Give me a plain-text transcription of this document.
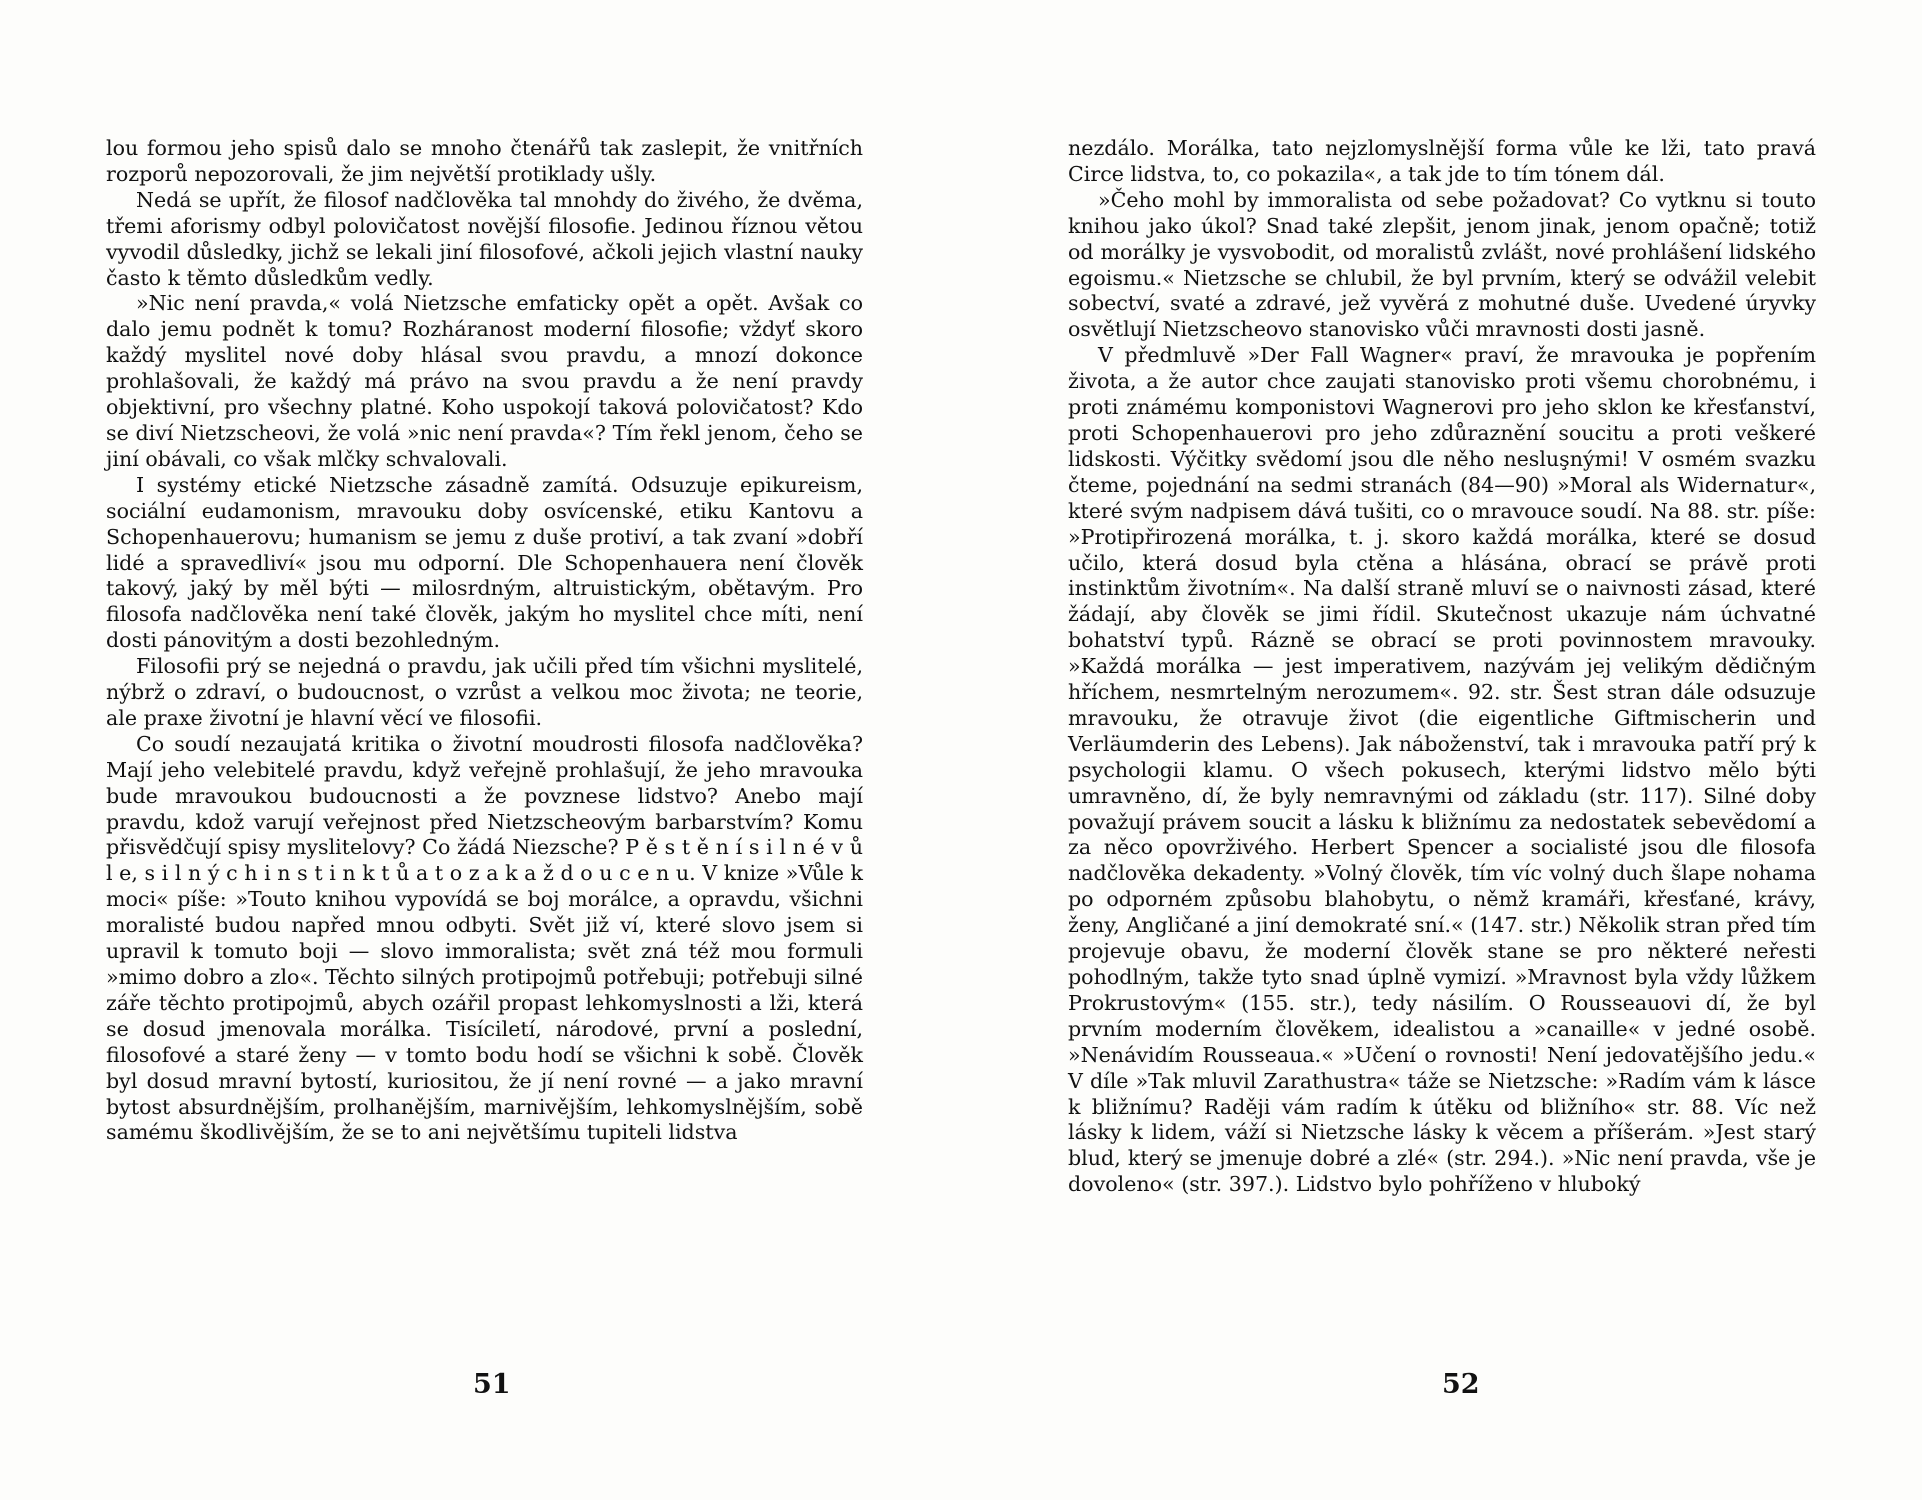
lou formou jeho spisů dalo se mnoho čtenářů tak zaslepit, že vnitřních rozporů nepozorovali, že jim největší protiklady ušly.

Nedá se upřít, že filosof nadčlověka tal mnohdy do živého, že dvěma, třemi aforismy odbyl polovičatost novější filosofie. Jedinou říznou větou vyvodil důsledky, jichž se lekali jiní filosofové, ačkoli jejich vlastní nauky často k těmto důsledkům vedly.

»Nic není pravda,« volá Nietzsche emfaticky opět a opět. Avšak co dalo jemu podnět k tomu? Rozháranost moderní filosofie; vždyť skoro každý myslitel nové doby hlásal svou pravdu, a mnozí dokonce prohlašovali, že každý má právo na svou pravdu a že není pravdy objektivní, pro všechny platné. Koho uspokojí taková polovičatost? Kdo se diví Nietzscheovi, že volá »nic není pravda«? Tím řekl jenom, čeho se jiní obávali, co však mlčky schvalovali.

I systémy etické Nietzsche zásadně zamítá. Odsuzuje epikureism, sociální eudamonism, mravouku doby osvícenské, etiku Kantovu a Schopenhauerovu; humanism se jemu z duše protiví, a tak zvaní »dobří lidé a spravedliví« jsou mu odporní. Dle Schopenhauera není člověk takový, jaký by měl býti — milosrdným, altruistickým, obětavým. Pro filosofa nadčlověka není také člověk, jakým ho myslitel chce míti, není dosti pánovitým a dosti bezohledným.

Filosofii prý se nejedná o pravdu, jak učili před tím všichni myslitelé, nýbrž o zdraví, o budoucnost, o vzrůst a velkou moc života; ne teorie, ale praxe životní je hlavní věcí ve filosofii.

Co soudí nezaujatá kritika o životní moudrosti filosofa nadčlověka? Mají jeho velebitelé pravdu, když veřejně prohlašují, že jeho mravouka bude mravoukou budoucnosti a že povznese lidstvo? Anebo mají pravdu, kdož varují veřejnost před Nietzscheovým barbarstvím? Komu přisvědčují spisy myslitelovy? Co žádá Niezsche? P ě s t ě n í s i l n é v ů l e, s i l n ý c h i n s t i n k t ů a t o z a k a ž d o u c e n u. V knize »Vůle k moci« píše: »Touto knihou vypovídá se boj morálce, a opravdu, všichni moralisté budou napřed mnou odbyti. Svět již ví, které slovo jsem si upravil k tomuto boji — slovo immoralista; svět zná též mou formuli »mimo dobro a zlo«. Těchto silných protipojmů potřebuji; potřebuji silné záře těchto protipojmů, abych ozářil propast lehkomyslnosti a lži, která se dosud jmenovala morálka. Tisíciletí, národové, první a poslední, filosofové a staré ženy — v tomto bodu hodí se všichni k sobě. Člověk byl dosud mravní bytostí, kuriositou, že jí není rovné — a jako mravní bytost absurdnějším, prolhanějším, marnivějším, lehkomyslnějším, sobě samému škodlivějším, že se to ani největšímu tupiteli lidstva

51

nezdálo. Morálka, tato nejzlomyslnější forma vůle ke lži, tato pravá Circe lidstva, to, co pokazila«, a tak jde to tím tónem dál.

»Čeho mohl by immoralista od sebe požadovat? Co vytknu si touto knihou jako úkol? Snad také zlepšit, jenom jinak, jenom opačně; totiž od morálky je vysvobodit, od moralistů zvlášt, nové prohlášení lidského egoismu.« Nietzsche se chlubil, že byl prvním, který se odvážil velebit sobectví, svaté a zdravé, jež vyvěrá z mohutné duše. Uvedené úryvky osvětlují Nietzscheovo stanovisko vůči mravnosti dosti jasně.

V předmluvě »Der Fall Wagner« praví, že mravouka je popřením života, a že autor chce zaujati stanovisko proti všemu chorobnému, i proti známému komponistovi Wagnerovi pro jeho sklon ke křesťanství, proti Schopenhauerovi pro jeho zdůraznění soucitu a proti veškeré lidskosti. Výčitky svědomí jsou dle něho nesluşnými! V osmém svazku čteme, pojednání na sedmi stranách (84—90) »Moral als Widernatur«, které svým nadpisem dává tušiti, co o mravouce soudí. Na 88. str. píše: »Protipřirozená morálka, t. j. skoro každá morálka, které se dosud učilo, která dosud byla ctěna a hlásána, obrací se právě proti instinktům životním«. Na další straně mluví se o naivnosti zásad, které žádají, aby člověk se jimi řídil. Skutečnost ukazuje nám úchvatné bohatství typů. Rázně se obrací se proti povinnostem mravouky. »Každá morálka — jest imperativem, nazývám jej velikým dědičným hříchem, nesmrtelným nerozumem«. 92. str. Šest stran dále odsuzuje mravouku, že otravuje život (die eigentliche Giftmischerin und Verläumderin des Lebens). Jak náboženství, tak i mravouka patří prý k psychologii klamu. O všech pokusech, kterými lidstvo mělo býti umravněno, dí, že byly nemravnými od základu (str. 117). Silné doby považují právem soucit a lásku k bližnímu za nedostatek sebevědomí a za něco opovrživého. Herbert Spencer a socialisté jsou dle filosofa nadčlověka dekadenty. »Volný člověk, tím víc volný duch šlape nohama po odporném způsobu blahobytu, o němž kramáři, křesťané, krávy, ženy, Angličané a jiní demokraté sní.« (147. str.) Několik stran před tím projevuje obavu, že moderní člověk stane se pro některé neřesti pohodlným, takže tyto snad úplně vymizí. »Mravnost byla vždy lůžkem Prokrustovým« (155. str.), tedy násilím. O Rousseauovi dí, že byl prvním moderním člověkem, idealistou a »canaille« v jedné osobě. »Nenávidím Rousseaua.« »Učení o rovnosti! Není jedovatějšího jedu.« V díle »Tak mluvil Zarathustra« táže se Nietzsche: »Radím vám k lásce k bližnímu? Raději vám radím k útěku od bližního« str. 88. Víc než lásky k lidem, váží si Nietzsche lásky k věcem a příšerám. »Jest starý blud, který se jmenuje dobré a zlé« (str. 294.). »Nic není pravda, vše je dovoleno« (str. 397.). Lidstvo bylo pohříženo v hluboký

52
